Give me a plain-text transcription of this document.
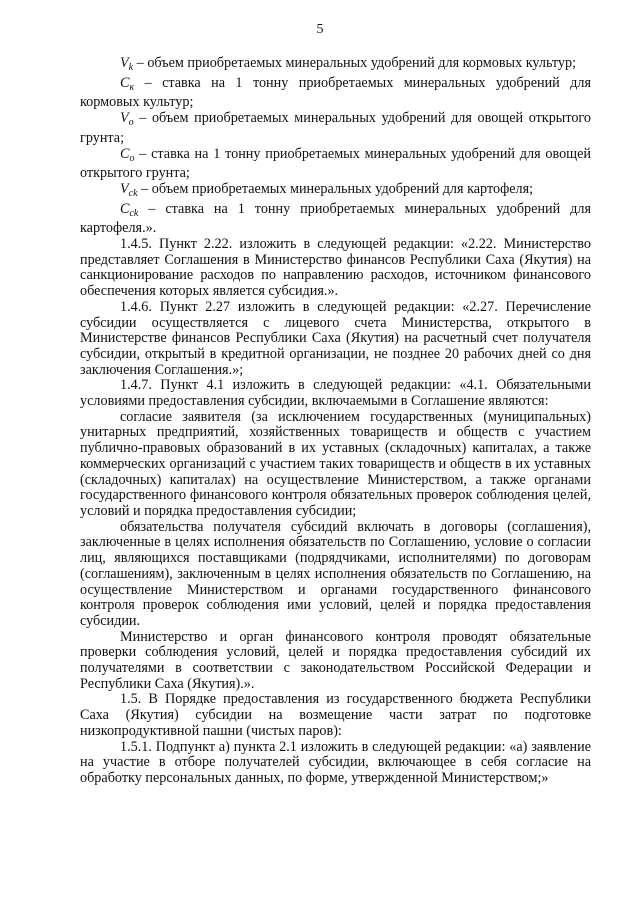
5

$V_k$ – объем приобретаемых минеральных удобрений для кормовых культур;

$C_к$ – ставка на 1 тонну приобретаемых минеральных удобрений для кормовых культур;

$V_o$ – объем приобретаемых минеральных удобрений для овощей открытого грунта;

$C_o$ – ставка на 1 тонну приобретаемых минеральных удобрений для овощей открытого грунта;

$V_{ck}$ – объем приобретаемых минеральных удобрений для картофеля;

$C_{ck}$ – ставка на 1 тонну приобретаемых минеральных удобрений для картофеля.».

1.4.5. Пункт 2.22. изложить в следующей редакции: «2.22. Министерство представляет Соглашения в Министерство финансов Республики Саха (Якутия) на санкционирование расходов по направлению расходов, источником финансового обеспечения которых является субсидия.».

1.4.6. Пункт 2.27 изложить в следующей редакции: «2.27. Перечисление субсидии осуществляется с лицевого счета Министерства, открытого в Министерстве финансов Республики Саха (Якутия) на расчетный счет получателя субсидии, открытый в кредитной организации, не позднее 20 рабочих дней со дня заключения Соглашения.»;

1.4.7. Пункт 4.1 изложить в следующей редакции: «4.1. Обязательными условиями предоставления субсидии, включаемыми в Соглашение являются:

согласие заявителя (за исключением государственных (муниципальных) унитарных предприятий, хозяйственных товариществ и обществ с участием публично-правовых образований в их уставных (складочных) капиталах, а также коммерческих организаций с участием таких товариществ и обществ в их уставных (складочных) капиталах) на осуществление Министерством, а также органами государственного финансового контроля обязательных проверок соблюдения целей, условий и порядка предоставления субсидии;

обязательства получателя субсидий включать в договоры (соглашения), заключенные в целях исполнения обязательств по Соглашению, условие о согласии лиц, являющихся поставщиками (подрядчиками, исполнителями) по договорам (соглашениям), заключенным в целях исполнения обязательств по Соглашению, на осуществление Министерством и органами государственного финансового контроля проверок соблюдения ими условий, целей и порядка предоставления субсидии.

Министерство и орган финансового контроля проводят обязательные проверки соблюдения условий, целей и порядка предоставления субсидий их получателями в соответствии с законодательством Российской Федерации и Республики Саха (Якутия).».

1.5. В Порядке предоставления из государственного бюджета Республики Саха (Якутия) субсидии на возмещение части затрат по подготовке низкопродуктивной пашни (чистых паров):

1.5.1. Подпункт а) пункта 2.1 изложить в следующей редакции: «а) заявление на участие в отборе получателей субсидии, включающее в себя согласие на обработку персональных данных, по форме, утвержденной Министерством;»
